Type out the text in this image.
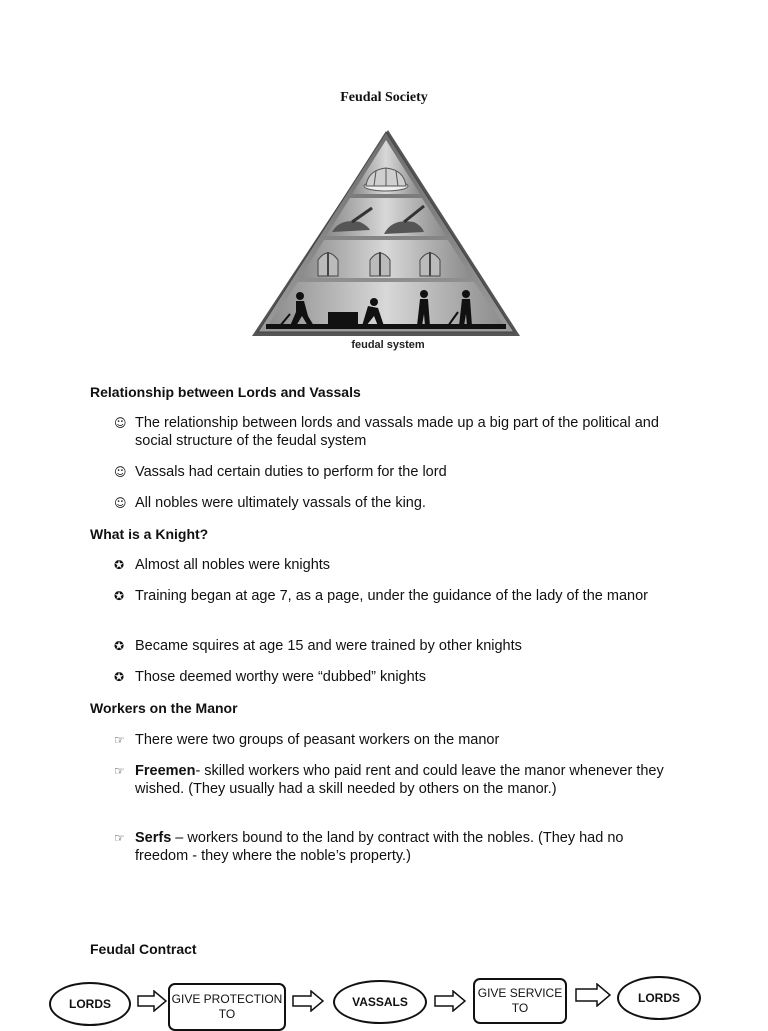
Feudal Society
feudal system
Relationship between Lords and Vassals
☺ The relationship between lords and vassals made up a big part of the political and social structure of the feudal system
☺ Vassals had certain duties to perform for the lord
☺ All nobles were ultimately vassals of the king.
What is a Knight?
✪ Almost all nobles were knights
✪ Training began at age 7, as a page, under the guidance of the lady of the manor
✪ Became squires at age 15 and were trained by other knights
✪ Those deemed worthy were “dubbed” knights
Workers on the Manor
☞ There were two groups of peasant workers on the manor
☞ Freemen- skilled workers who paid rent and could leave the manor whenever they wished. (They usually had a skill needed by others on the manor.)
☞ Serfs – workers bound to the land by contract with the nobles. (They had no freedom - they where the noble’s property.)
Feudal Contract
LORDS	GIVE PROTECTION TO
VASSALS
GIVE SERVICE TO
LORDS
